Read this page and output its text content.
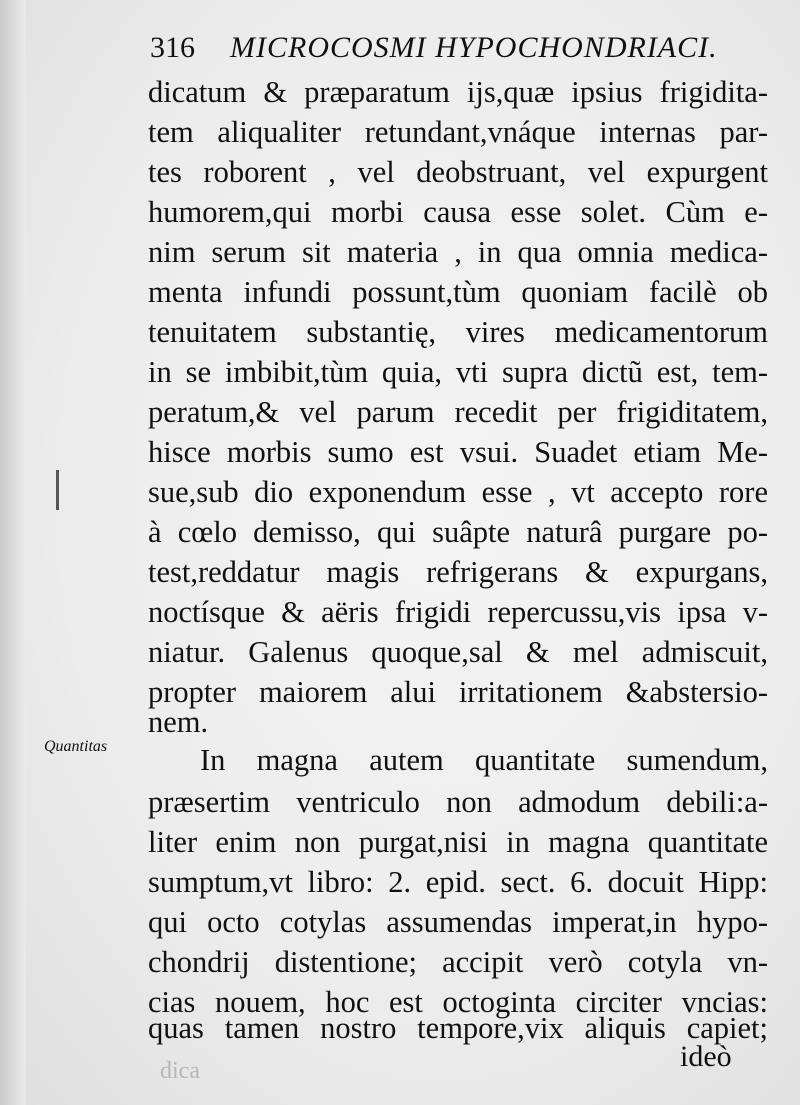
316 MICROCOSMI HYPOCHONDRIACI.
Quantitas
dicatum & præparatum ijs,quæ ipsius frigidita-
tem aliqualiter retundant,vnáque internas par-
tes roborent , vel deobstruant, vel expurgent
humorem,qui morbi causa esse solet. Cùm e-
nim serum sit materia , in qua omnia medica-
menta infundi possunt,tùm quoniam facilè ob
tenuitatem substantię, vires medicamentorum
in se imbibit,tùm quia, vti supra dictũ est, tem-
peratum,& vel parum recedit per frigiditatem,
hisce morbis sumo est vsui. Suadet etiam Me-
sue,sub dio exponendum esse , vt accepto rore
à cœlo demisso, qui suâpte naturâ purgare po-
test,reddatur magis refrigerans & expurgans,
noctísque & aëris frigidi repercussu,vis ipsa v-
niatur. Galenus quoque,sal & mel admiscuit,
propter maiorem alui irritationem &abstersio-
nem.
In magna autem quantitate sumendum,
præsertim ventriculo non admodum debili:a-
liter enim non purgat,nisi in magna quantitate
sumptum,vt libro: 2. epid. sect. 6. docuit Hipp:
qui octo cotylas assumendas imperat,in hypo-
chondrij distentione; accipit verò cotyla vn-
cias nouem, hoc est octoginta circiter vncias:
quas tamen nostro tempore,vix aliquis capiet;
ideò
dica
